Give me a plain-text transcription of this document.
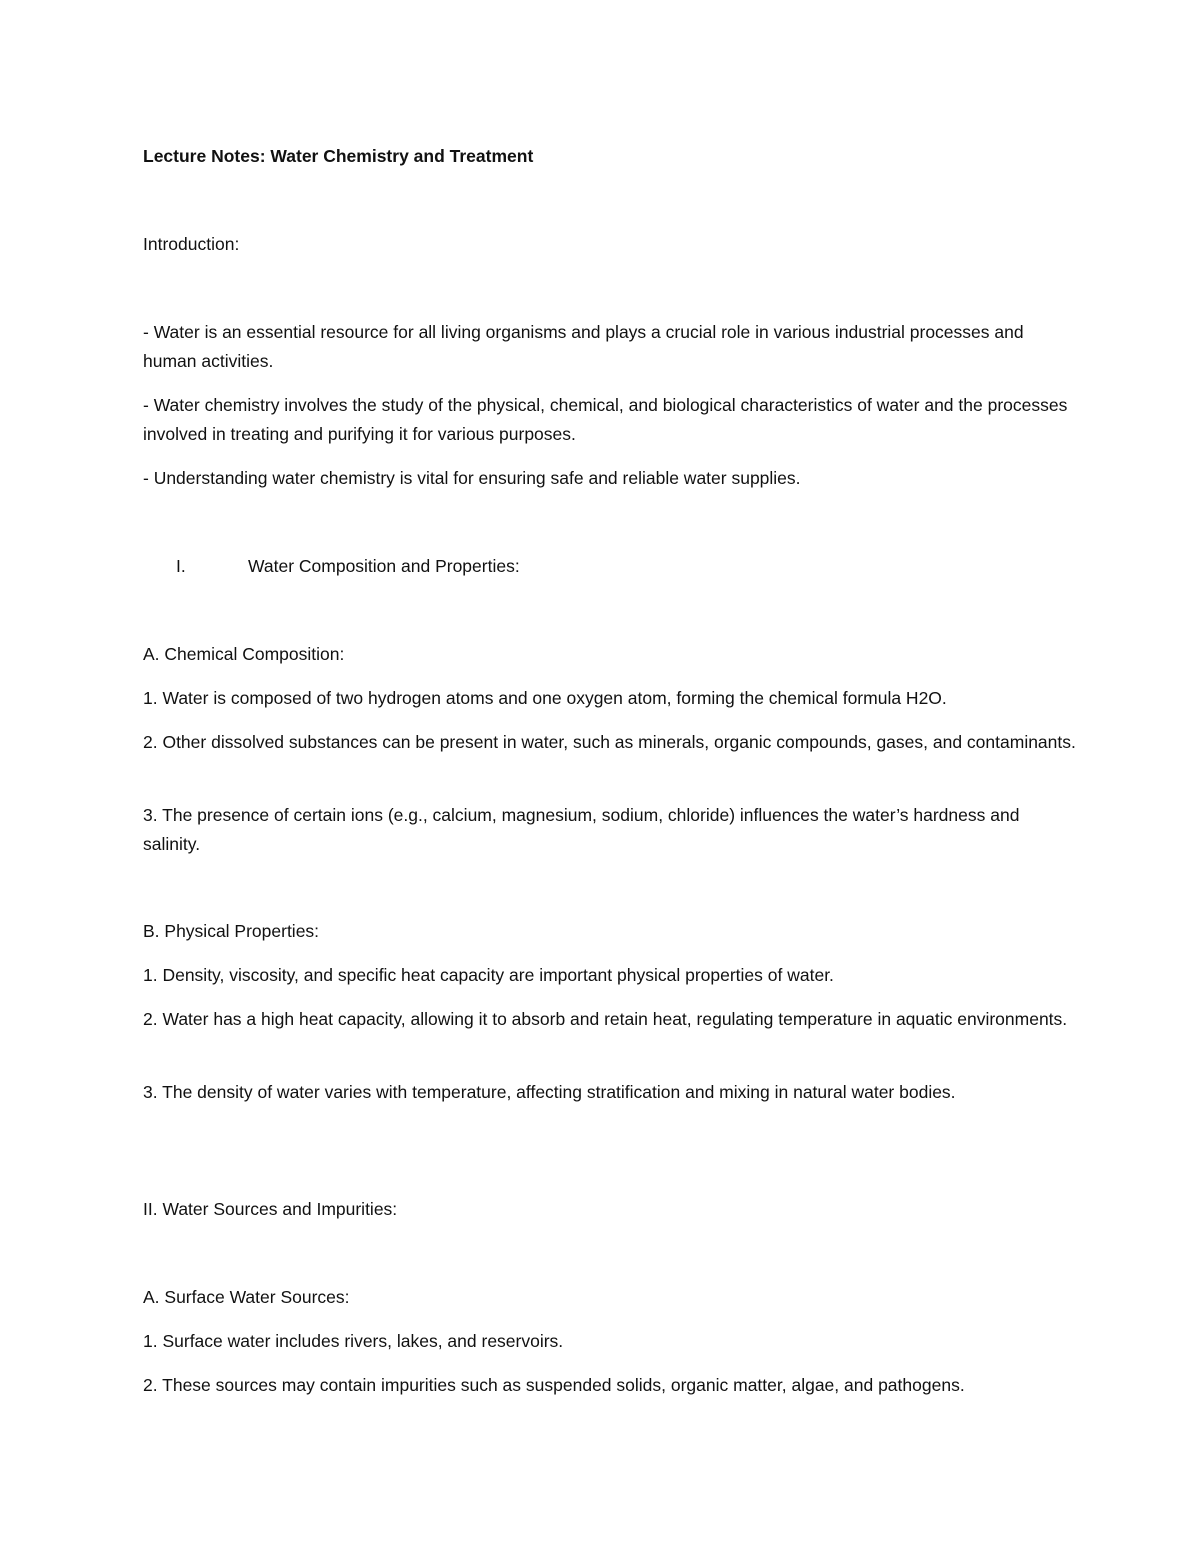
Lecture Notes: Water Chemistry and Treatment
Introduction:
- Water is an essential resource for all living organisms and plays a crucial role in various industrial processes and human activities.
- Water chemistry involves the study of the physical, chemical, and biological characteristics of water and the processes involved in treating and purifying it for various purposes.
- Understanding water chemistry is vital for ensuring safe and reliable water supplies.
I.	Water Composition and Properties:
A. Chemical Composition:
1. Water is composed of two hydrogen atoms and one oxygen atom, forming the chemical formula H2O.
2. Other dissolved substances can be present in water, such as minerals, organic compounds, gases, and contaminants.
3. The presence of certain ions (e.g., calcium, magnesium, sodium, chloride) influences the water’s hardness and salinity.
B. Physical Properties:
1. Density, viscosity, and specific heat capacity are important physical properties of water.
2. Water has a high heat capacity, allowing it to absorb and retain heat, regulating temperature in aquatic environments.
3. The density of water varies with temperature, affecting stratification and mixing in natural water bodies.
II. Water Sources and Impurities:
A. Surface Water Sources:
1. Surface water includes rivers, lakes, and reservoirs.
2. These sources may contain impurities such as suspended solids, organic matter, algae, and pathogens.
